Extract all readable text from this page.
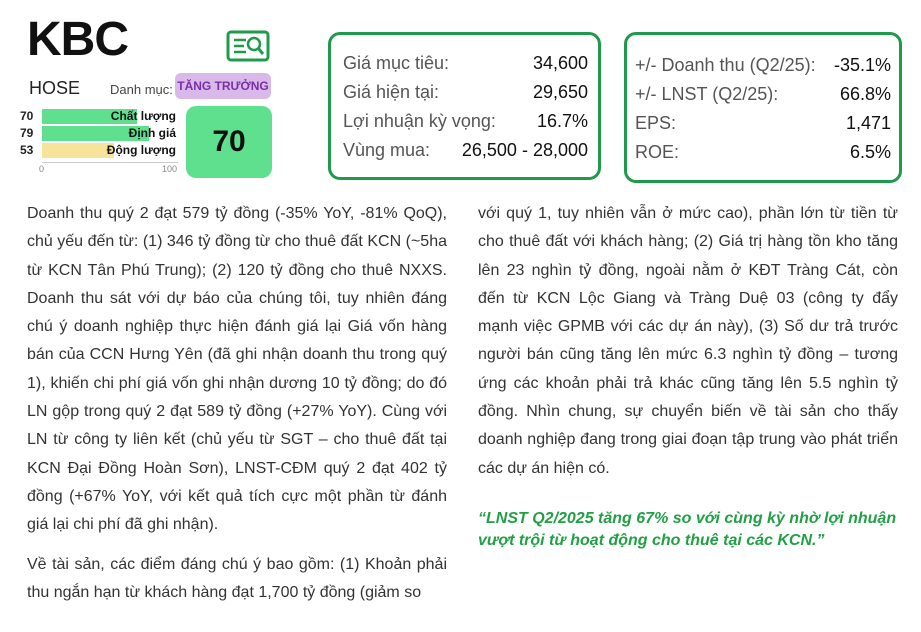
KBC
HOSE Danh mục: TĂNG TRƯỞNG
70	Chất lượng
79	Định giá
53	Động lượng
0	100
70
Giá mục tiêu:	34,600
Giá hiện tại:	29,650
Lợi nhuận kỳ vọng: 16.7%
Vùng mua: 26,500 - 28,000
+/- Doanh thu (Q2/25): -35.1%
+/- LNST (Q2/25):	66.8%
EPS:	1,471
ROE:	6.5%

Doanh thu quý 2 đạt 579 tỷ đồng (-35% YoY, -81% QoQ), chủ yếu đến từ: (1) 346 tỷ đồng từ cho thuê đất KCN (~5ha từ KCN Tân Phú Trung); (2) 120 tỷ đồng cho thuê NXXS. Doanh thu sát với dự báo của chúng tôi, tuy nhiên đáng chú ý doanh nghiệp thực hiện đánh giá lại Giá vốn hàng bán của CCN Hưng Yên (đã ghi nhận doanh thu trong quý 1), khiến chi phí giá vốn ghi nhận dương 10 tỷ đồng; do đó LN gộp trong quý 2 đạt 589 tỷ đồng (+27% YoY). Cùng với LN từ công ty liên kết (chủ yếu từ SGT – cho thuê đất tại KCN Đại Đồng Hoàn Sơn), LNST-CĐM quý 2 đạt 402 tỷ đồng (+67% YoY, với kết quả tích cực một phần từ đánh giá lại chi phí đã ghi nhận).

Về tài sản, các điểm đáng chú ý bao gồm: (1) Khoản phải thu ngắn hạn từ khách hàng đạt 1,700 tỷ đồng (giảm so

với quý 1, tuy nhiên vẫn ở mức cao), phần lớn từ tiền từ cho thuê đất với khách hàng; (2) Giá trị hàng tồn kho tăng lên 23 nghìn tỷ đồng, ngoài nằm ở KĐT Tràng Cát, còn đến từ KCN Lộc Giang và Tràng Duệ 03 (công ty đẩy mạnh việc GPMB với các dự án này), (3) Số dư trả trước người bán cũng tăng lên mức 6.3 nghìn tỷ đồng – tương ứng các khoản phải trả khác cũng tăng lên 5.5 nghìn tỷ đồng. Nhìn chung, sự chuyển biến về tài sản cho thấy doanh nghiệp đang trong giai đoạn tập trung vào phát triển các dự án hiện có.

“LNST Q2/2025 tăng 67% so với cùng kỳ nhờ lợi nhuận vượt trội từ hoạt động cho thuê tại các KCN.”
